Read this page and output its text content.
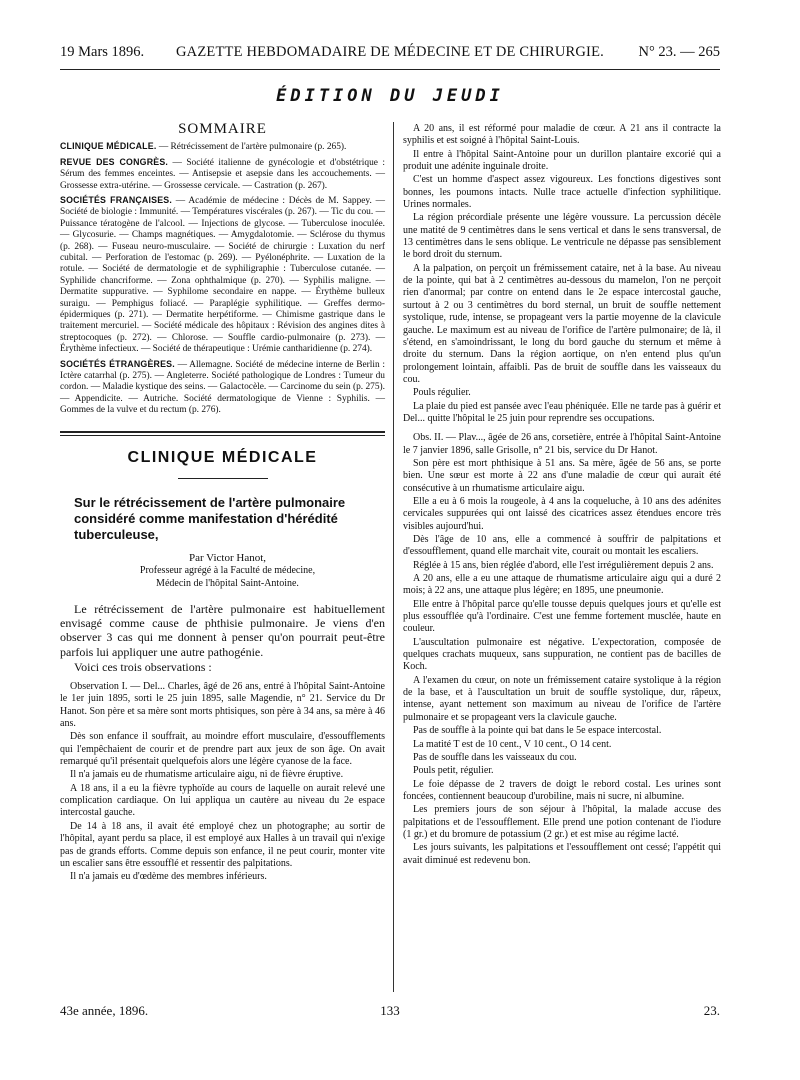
19 Mars 1896.	GAZETTE HEBDOMADAIRE DE MÉDECINE ET DE CHIRURGIE.	N° 23. — 265
ÉDITION DU JEUDI
SOMMAIRE

CLINIQUE MÉDICALE. — Rétrécissement de l'artère pulmonaire (p. 265).

REVUE DES CONGRÈS. — Société italienne de gynécologie et d'obstétrique : Sérum des femmes enceintes. — Antisepsie et asepsie dans les accouchements. — Grossesse extra-utérine. — Grossesse cervicale. — Castration (p. 267).

SOCIÉTÉS FRANÇAISES. — Académie de médecine : Décès de M. Sappey. — Société de biologie : Immunité. — Températures viscérales (p. 267). — Tic du cou. — Puissance tératogène de l'alcool. — Injections de glycose. — Tuberculose inoculée. — Glycosurie. — Champs magnétiques. — Amygdalotomie. — Sclérose du thymus (p. 268). — Fuseau neuro-musculaire. — Société de chirurgie : Luxation du nerf cubital. — Perforation de l'estomac (p. 269). — Pyélonéphrite. — Luxation de la rotule. — Société de dermatologie et de syphiligraphie : Tuberculose cutanée. — Syphilide chancriforme. — Zona ophthalmique (p. 270). — Syphilis maligne. — Dermatite suppurative. — Syphilome secondaire en nappe. — Érythème bulleux suraigu. — Pemphigus foliacé. — Paraplégie syphilitique. — Greffes dermo-épidermiques (p. 271). — Dermatite herpétiforme. — Chimisme gastrique dans le traitement mercuriel. — Société médicale des hôpitaux : Révision des angines dites à streptocoques (p. 272). — Chlorose. — Souffle cardio-pulmonaire (p. 273). — Érythème infectieux. — Société de thérapeutique : Urémie cantharidienne (p. 274).

SOCIÉTÉS ÉTRANGÈRES. — Allemagne. Société de médecine interne de Berlin : Ictère catarrhal (p. 275). — Angleterre. Société pathologique de Londres : Tumeur du cordon. — Maladie kystique des seins. — Galactocèle. — Carcinome du sein (p. 275). — Appendicite. — Autriche. Société dermatologique de Vienne : Syphilis. — Gommes de la vulve et du rectum (p. 276).

CLINIQUE MÉDICALE
Sur le rétrécissement de l'artère pulmonaire considéré comme manifestation d'hérédité tuberculeuse,

Par Victor Hanot,

Professeur agrégé à la Faculté de médecine,

Médecin de l'hôpital Saint-Antoine.

Le rétrécissement de l'artère pulmonaire est habituellement envisagé comme cause de phthisie pulmonaire. Je viens d'en observer 3 cas qui me donnent à penser qu'on pourrait peut-être parfois lui appliquer une autre pathogénie.

Voici ces trois observations :

Observation I. — Del... Charles, âgé de 26 ans, entré à l'hôpital Saint-Antoine le 1er juin 1895, sorti le 25 juin 1895, salle Magendie, n° 21. Service du Dr Hanot. Son père et sa mère sont morts phtisiques, son père à 34 ans, sa mère à 46 ans.

Dès son enfance il souffrait, au moindre effort musculaire, d'essoufflements qui l'empêchaient de courir et de prendre part aux jeux de son âge. On avait remarqué qu'il présentait quelquefois alors une légère cyanose de la face.

Il n'a jamais eu de rhumatisme articulaire aigu, ni de fièvre éruptive.

A 18 ans, il a eu la fièvre typhoïde au cours de laquelle on aurait relevé une complication cardiaque. On lui appliqua un cautère au niveau du 2e espace intercostal gauche.

De 14 à 18 ans, il avait été employé chez un photographe; au sortir de l'hôpital, ayant perdu sa place, il est employé aux Halles à un travail qui n'exige pas de grands efforts. Comme depuis son enfance, il ne peut courir, monter vite un escalier sans être essoufflé et ressentir des palpitations.

Il n'a jamais eu d'œdème des membres inférieurs.

A 20 ans, il est réformé pour maladie de cœur. A 21 ans il contracte la syphilis et est soigné à l'hôpital Saint-Louis.

Il entre à l'hôpital Saint-Antoine pour un durillon plantaire excorié qui a produit une adénite inguinale droite.

C'est un homme d'aspect assez vigoureux. Les fonctions digestives sont bonnes, les poumons intacts. Nulle trace actuelle d'infection syphilitique. Urines normales.

La région précordiale présente une légère voussure. La percussion décèle une matité de 9 centimètres dans le sens vertical et dans le sens transversal, de 13 centimètres dans le sens oblique. Le ventricule ne dépasse pas sensiblement le bord droit du sternum.

A la palpation, on perçoit un frémissement cataire, net à la base. Au niveau de la pointe, qui bat à 2 centimètres au-dessous du mamelon, l'on ne perçoit rien d'anormal; par contre on entend dans le 2e espace intercostal gauche, surtout à 2 ou 3 centimètres du bord sternal, un bruit de souffle nettement systolique, rude, intense, se propageant vers la partie moyenne de la clavicule gauche. Le maximum est au niveau de l'orifice de l'artère pulmonaire; de là, il s'étend, en s'amoindrissant, le long du bord gauche du sternum et même à droite du sternum. Dans la région aortique, on n'en entend plus qu'un prolongement lointain, affaibli. Pas de bruit de souffle dans les vaisseaux du cou.

Pouls régulier.

La plaie du pied est pansée avec l'eau phéniquée. Elle ne tarde pas à guérir et Del... quitte l'hôpital le 25 juin pour reprendre ses occupations.

Obs. II. — Plav..., âgée de 26 ans, corsetière, entrée à l'hôpital Saint-Antoine le 7 janvier 1896, salle Grisolle, n° 21 bis, service du Dr Hanot.

Son père est mort phthisique à 51 ans. Sa mère, âgée de 56 ans, se porte bien. Une sœur est morte à 22 ans d'une maladie de cœur qui aurait été consécutive à un rhumatisme articulaire aigu.

Elle a eu à 6 mois la rougeole, à 4 ans la coqueluche, à 10 ans des adénites cervicales suppurées qui ont laissé des cicatrices assez étendues encore très visibles aujourd'hui.

Dès l'âge de 10 ans, elle a commencé à souffrir de palpitations et d'essoufflement, quand elle marchait vite, courait ou montait les escaliers.

Réglée à 15 ans, bien réglée d'abord, elle l'est irrégulièrement depuis 2 ans.

A 20 ans, elle a eu une attaque de rhumatisme articulaire aigu qui a duré 2 mois; à 22 ans, une attaque plus légère; en 1895, une pneumonie.

Elle entre à l'hôpital parce qu'elle tousse depuis quelques jours et qu'elle est plus essoufflée qu'à l'ordinaire. C'est une femme fortement musclée, haute en couleur.

L'auscultation pulmonaire est négative. L'expectoration, composée de quelques crachats muqueux, sans suppuration, ne contient pas de bacilles de Koch.

A l'examen du cœur, on note un frémissement cataire systolique à la région de la base, et à l'auscultation un bruit de souffle systolique, dur, râpeux, intense, ayant nettement son maximum au niveau de l'orifice de l'artère pulmonaire et se propageant vers la clavicule gauche.

Pas de souffle à la pointe qui bat dans le 5e espace intercostal.

La matité T est de 10 cent., V 10 cent., O 14 cent.

Pas de souffle dans les vaisseaux du cou.

Pouls petit, régulier.

Le foie dépasse de 2 travers de doigt le rebord costal. Les urines sont foncées, contiennent beaucoup d'urobiline, mais ni sucre, ni albumine.

Les premiers jours de son séjour à l'hôpital, la malade accuse des palpitations et de l'essoufflement. Elle prend une potion contenant de l'iodure (1 gr.) et du bromure de potassium (2 gr.) et est mise au régime lacté.

Les jours suivants, les palpitations et l'essoufflement ont cessé; l'appétit qui avait diminué est redevenu bon.

43e année, 1896.	133	23.
